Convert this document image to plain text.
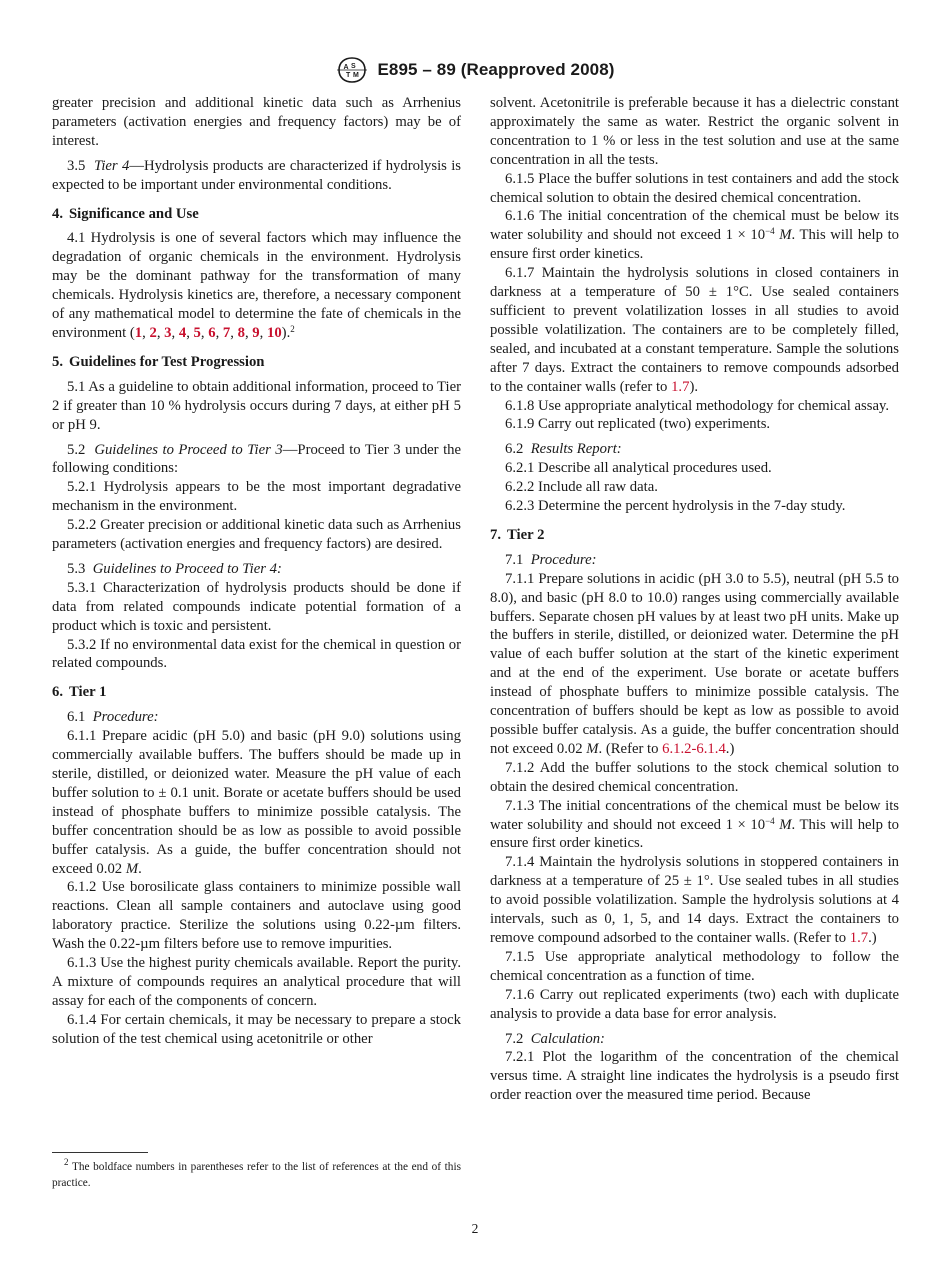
A S
T M E895 – 89 (Reapproved 2008)

greater precision and additional kinetic data such as Arrhenius parameters (activation energies and frequency factors) may be of interest.

3.5 Tier 4—Hydrolysis products are characterized if hydrolysis is expected to be important under environmental conditions.

4. Significance and Use

4.1 Hydrolysis is one of several factors which may influence the degradation of organic chemicals in the environment. Hydrolysis may be the dominant pathway for the transformation of many chemicals. Hydrolysis kinetics are, therefore, a necessary component of any mathematical model to determine the fate of chemicals in the environment (1, 2, 3, 4, 5, 6, 7, 8, 9, 10).$^2$

5. Guidelines for Test Progression

5.1 As a guideline to obtain additional information, proceed to Tier 2 if greater than 10 % hydrolysis occurs during 7 days, at either pH 5 or pH 9.

5.2 Guidelines to Proceed to Tier 3—Proceed to Tier 3 under the following conditions:

5.2.1 Hydrolysis appears to be the most important degradative mechanism in the environment.

5.2.2 Greater precision or additional kinetic data such as Arrhenius parameters (activation energies and frequency factors) are desired.

5.3 Guidelines to Proceed to Tier 4:

5.3.1 Characterization of hydrolysis products should be done if data from related compounds indicate potential formation of a product which is toxic and persistent.

5.3.2 If no environmental data exist for the chemical in question or related compounds.

6. Tier 1

6.1 Procedure:

6.1.1 Prepare acidic (pH 5.0) and basic (pH 9.0) solutions using commercially available buffers. The buffers should be made up in sterile, distilled, or deionized water. Measure the pH value of each buffer solution to ± 0.1 unit. Borate or acetate buffers should be used instead of phosphate buffers to minimize possible catalysis. The buffer concentration should be as low as possible to avoid possible buffer catalysis. As a guide, the buffer concentration should not exceed 0.02 M.

6.1.2 Use borosilicate glass containers to minimize possible wall reactions. Clean all sample containers and autoclave using good laboratory practice. Sterilize the solutions using 0.22-µm filters. Wash the 0.22-µm filters before use to remove impurities.

6.1.3 Use the highest purity chemicals available. Report the purity. A mixture of compounds requires an analytical procedure that will assay for each of the components of concern.

6.1.4 For certain chemicals, it may be necessary to prepare a stock solution of the test chemical using acetonitrile or other

solvent. Acetonitrile is preferable because it has a dielectric constant approximately the same as water. Restrict the organic solvent in concentration to 1 % or less in the test solution and use at the same concentration in all the tests.

6.1.5 Place the buffer solutions in test containers and add the stock chemical solution to obtain the desired chemical concentration.

6.1.6 The initial concentration of the chemical must be below its water solubility and should not exceed $1 \times 10^{-4}$ M. This will help to ensure first order kinetics.

6.1.7 Maintain the hydrolysis solutions in closed containers in darkness at a temperature of 50 ± 1°C. Use sealed containers sufficient to prevent volatilization losses in all studies to avoid possible volatilization. The containers are to be completely filled, sealed, and incubated at a constant temperature. Sample the solutions after 7 days. Extract the containers to remove compounds adsorbed to the container walls (refer to 1.7).

6.1.8 Use appropriate analytical methodology for chemical assay.

6.1.9 Carry out replicated (two) experiments.

6.2 Results Report:

6.2.1 Describe all analytical procedures used.

6.2.2 Include all raw data.

6.2.3 Determine the percent hydrolysis in the 7-day study.

7. Tier 2

7.1 Procedure:

7.1.1 Prepare solutions in acidic (pH 3.0 to 5.5), neutral (pH 5.5 to 8.0), and basic (pH 8.0 to 10.0) ranges using commercially available buffers. Separate chosen pH values by at least two pH units. Make up the buffers in sterile, distilled, or deionized water. Determine the pH value of each buffer solution at the start of the kinetic experiment and at the end of the experiment. Use borate or acetate buffers instead of phosphate buffers to minimize possible catalysis. The concentration of buffers should be kept as low as possible to avoid possible buffer catalysis. As a guide, the buffer concentration should not exceed 0.02 M. (Refer to 6.1.2-6.1.4.)

7.1.2 Add the buffer solutions to the stock chemical solution to obtain the desired chemical concentration.

7.1.3 The initial concentrations of the chemical must be below its water solubility and should not exceed $1 \times 10^{-4}$ M. This will help to ensure first order kinetics.

7.1.4 Maintain the hydrolysis solutions in stoppered containers in darkness at a temperature of 25 ± 1°. Use sealed tubes in all studies to avoid possible volatilization. Sample the hydrolysis solutions at 4 intervals, such as 0, 1, 5, and 14 days. Extract the containers to remove compound adsorbed to the container walls. (Refer to 1.7.)

7.1.5 Use appropriate analytical methodology to follow the chemical concentration as a function of time.

7.1.6 Carry out replicated experiments (two) each with duplicate analysis to provide a data base for error analysis.

7.2 Calculation:

7.2.1 Plot the logarithm of the concentration of the chemical versus time. A straight line indicates the hydrolysis is a pseudo first order reaction over the measured time period. Because

$^2$ The boldface numbers in parentheses refer to the list of references at the end of this practice.
2
